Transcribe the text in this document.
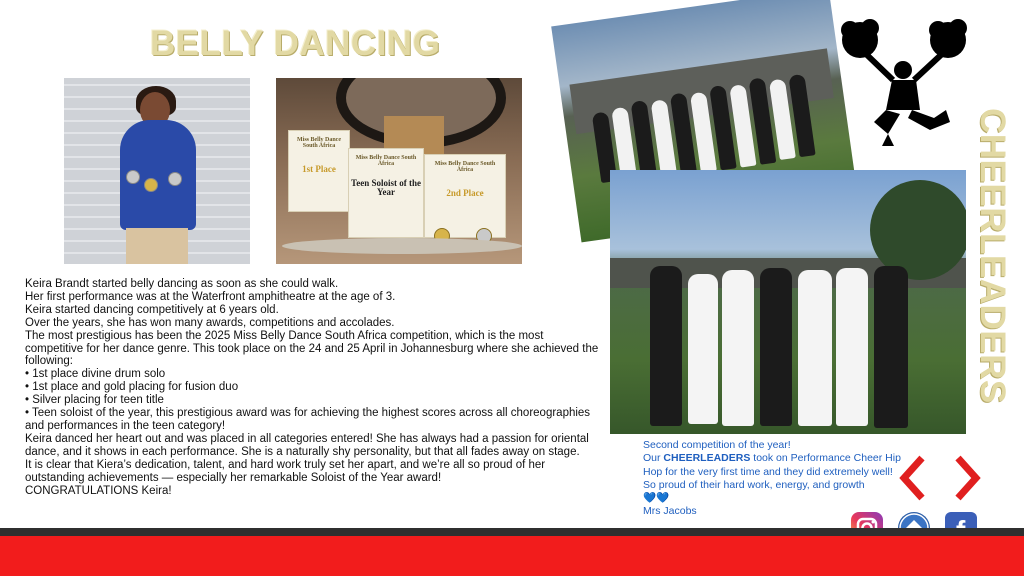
BELLY DANCING
Miss Belly Dance South Africa
1st Place
Miss Belly Dance South Africa
Teen Soloist of the Year
Miss Belly Dance South Africa
2nd Place

Keira Brandt started belly dancing as soon as she could walk.

Her first performance was at the Waterfront amphitheatre at the age of 3.

Keira started dancing competitively at 6 years old.

Over the years, she has won many awards, competitions and accolades.

The most prestigious has been the 2025 Miss Belly Dance South Africa competition, which is the most competitive for her dance genre. This took place on the 24 and 25 April in Johannesburg where she achieved the following:

• 1st place divine drum solo

• 1st place and gold placing for fusion duo

• Silver placing for teen title

• Teen soloist of the year, this prestigious award was for achieving the highest scores across all choreographies and performances in the teen category!

Keira danced her heart out and was placed in all categories entered! She has always had a passion for oriental dance, and it shows in each performance. She is a naturally shy personality, but that all fades away on stage.

It is clear that Kiera’s dedication, talent, and hard work truly set her apart, and we’re all so proud of her outstanding achievements — especially her remarkable Soloist of the Year award!

CONGRATULATIONS Keira!

CHEERLEADERS

Second competition of the year!

Our CHEERLEADERS took on Performance Cheer Hip Hop for the very first time and they did extremely well! So proud of their hard work, energy, and growth

💙💙

Mrs Jacobs
